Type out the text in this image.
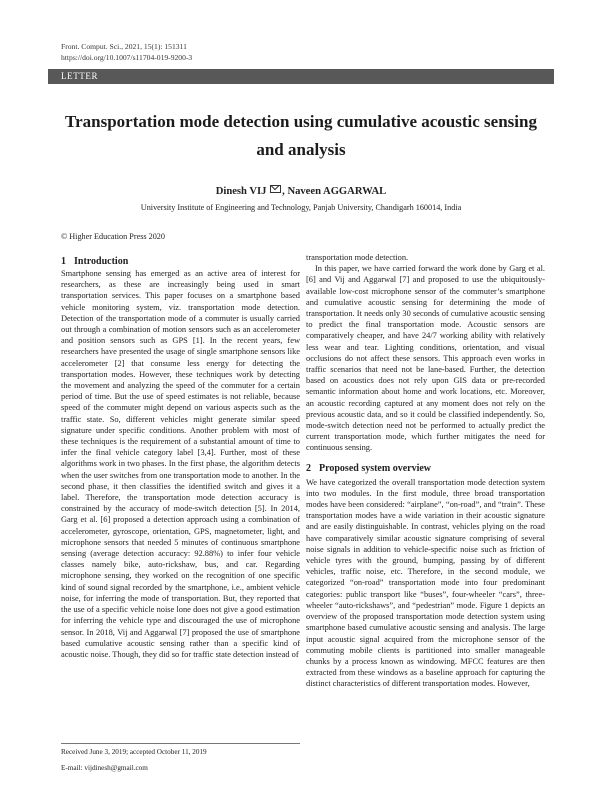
Front. Comput. Sci., 2021, 15(1): 151311
https://doi.org/10.1007/s11704-019-9200-3
LETTER
Transportation mode detection using cumulative acoustic sensing
and analysis
Dinesh VIJ , Naveen AGGARWAL
University Institute of Engineering and Technology, Panjab University, Chandigarh 160014, India
© Higher Education Press 2020
1 Introduction

Smartphone sensing has emerged as an active area of interest for researchers, as these are increasingly being used in smart transportation services. This paper focuses on a smartphone based vehicle monitoring system, viz. transportation mode detection. Detection of the transportation mode of a commuter is usually carried out through a combination of motion sensors such as an accelerometer and position sensors such as GPS [1]. In the recent years, few researchers have presented the usage of single smartphone sensors like accelerometer [2] that consume less energy for detecting the transportation modes. However, these techniques work by detecting the movement and analyzing the speed of the commuter for a certain period of time. But the use of speed estimates is not reliable, because speed of the commuter might depend on various aspects such as the traffic state. So, different vehicles might generate similar speed signature under specific conditions. Another problem with most of these techniques is the requirement of a substantial amount of time to infer the final vehicle category label [3,4]. Further, most of these algorithms work in two phases. In the first phase, the algorithm detects when the user switches from one transportation mode to another. In the second phase, it then classifies the identified switch and gives it a label. Therefore, the transportation mode detection accuracy is constrained by the accuracy of mode-switch detection [5]. In 2014, Garg et al. [6] proposed a detection approach using a combination of accelerometer, gyroscope, orientation, GPS, magnetometer, light, and microphone sensors that needed 5 minutes of continuous smartphone sensing (average detection accuracy: 92.88%) to infer four vehicle classes namely bike, auto-rickshaw, bus, and car. Regarding microphone sensing, they worked on the recognition of one specific kind of sound signal recorded by the smartphone, i.e., ambient vehicle noise, for inferring the mode of transportation. But, they reported that the use of a specific vehicle noise lone does not give a good estimation for inferring the vehicle type and discouraged the use of microphone sensor. In 2018, Vij and Aggarwal [7] proposed the use of smartphone based cumulative acoustic sensing rather than a specific kind of acoustic noise. Though, they did so for traffic state detection instead of

transportation mode detection.

In this paper, we have carried forward the work done by Garg et al. [6] and Vij and Aggarwal [7] and proposed to use the ubiquitously-available low-cost microphone sensor of the commuter’s smartphone and cumulative acoustic sensing for determining the mode of transportation. It needs only 30 seconds of cumulative acoustic sensing to predict the final transportation mode. Acoustic sensors are comparatively cheaper, and have 24/7 working ability with relatively less wear and tear. Lighting conditions, orientation, and visual occlusions do not affect these sensors. This approach even works in traffic scenarios that need not be lane-based. Further, the detection based on acoustics does not rely upon GIS data or pre-recorded semantic information about home and work locations, etc. Moreover, an acoustic recording captured at any moment does not rely on the previous acoustic data, and so it could be classified independently. So, mode-switch detection need not be performed to actually predict the current transportation mode, which further mitigates the need for continuous sensing.

2 Proposed system overview

We have categorized the overall transportation mode detection system into two modules. In the first module, three broad transportation modes have been considered: “airplane”, “on-road”, and “train”. These transportation modes have a wide variation in their acoustic signature and are easily distinguishable. In contrast, vehicles plying on the road have comparatively similar acoustic signature comprising of several noise signals in addition to vehicle-specific noise such as friction of vehicle tyres with the ground, bumping, passing by of different vehicles, traffic noise, etc. Therefore, in the second module, we categorized “on-road” transportation mode into four predominant categories: public transport like “buses”, four-wheeler “cars”, three-wheeler “auto-rickshaws”, and “pedestrian” mode. Figure 1 depicts an overview of the proposed transportation mode detection system using smartphone based cumulative acoustic sensing and analysis. The large input acoustic signal acquired from the microphone sensor of the commuting mobile clients is partitioned into smaller manageable chunks by a process known as windowing. MFCC features are then extracted from these windows as a baseline approach for capturing the distinct characteristics of different transportation modes. However,

Received June 3, 2019; accepted October 11, 2019
E-mail: vijdinesh@gmail.com
